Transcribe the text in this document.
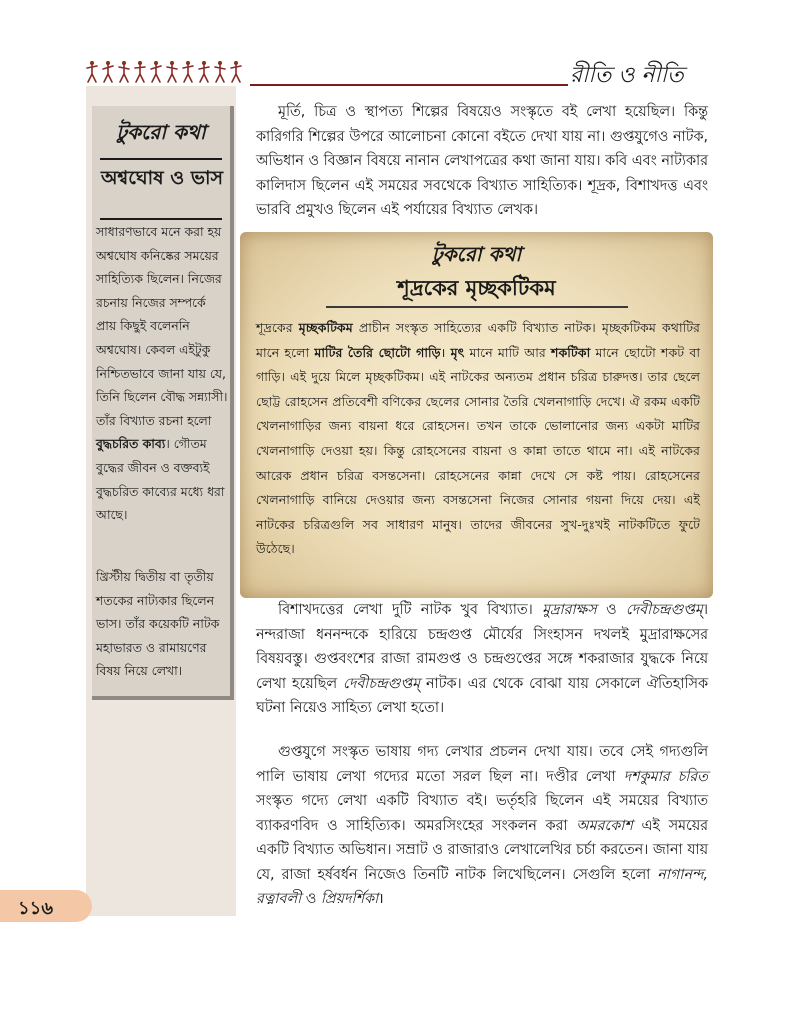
রীতি ও নীতি
টুকরো কথা
অশ্বঘোষ ও ভাস
সাধারণভাবে মনে করা হয় অশ্বঘোষ কনিষ্কের সময়ের সাহিত্যিক ছিলেন। নিজের রচনায় নিজের সম্পর্কে প্রায় কিছুই বলেননি অশ্বঘোষ। কেবল এইটুকু নিশ্চিতভাবে জানা যায় যে, তিনি ছিলেন বৌদ্ধ সন্ন্যাসী। তাঁর বিখ্যাত রচনা হলো বুদ্ধচরিত কাব্য। গৌতম বুদ্ধের জীবন ও বক্তব্যই বুদ্ধচরিত কাব্যের মধ্যে ধরা আছে।
খ্রিস্টীয় দ্বিতীয় বা তৃতীয় শতকের নাট্যকার ছিলেন ভাস। তাঁর কয়েকটি নাটক মহাভারত ও রামায়ণের বিষয় নিয়ে লেখা।
মূর্তি, চিত্র ও স্থাপত্য শিল্পের বিষয়েও সংস্কৃতে বই লেখা হয়েছিল। কিন্তু কারিগরি শিল্পের উপরে আলোচনা কোনো বইতে দেখা যায় না। গুপ্তযুগেও নাটক, অভিধান ও বিজ্ঞান বিষয়ে নানান লেখাপত্রের কথা জানা যায়। কবি এবং নাট্যকার কালিদাস ছিলেন এই সময়ের সবথেকে বিখ্যাত সাহিত্যিক। শূদ্রক, বিশাখদত্ত এবং ভারবি প্রমুখও ছিলেন এই পর্যায়ের বিখ্যাত লেখক।
টুকরো কথা
শূদ্রকের মৃচ্ছকটিকম
শূদ্রকের মৃচ্ছকটিকম প্রাচীন সংস্কৃত সাহিত্যের একটি বিখ্যাত নাটক। মৃচ্ছকটিকম কথাটির মানে হলো মাটির তৈরি ছোটো গাড়ি। মৃৎ মানে মাটি আর শকটিকা মানে ছোটো শকট বা গাড়ি। এই দুয়ে মিলে মৃচ্ছকটিকম। এই নাটকের অন্যতম প্রধান চরিত্র চারুদত্ত। তার ছেলে ছোট্ট রোহসেন প্রতিবেশী বণিকের ছেলের সোনার তৈরি খেলনাগাড়ি দেখে। ঐ রকম একটি খেলনাগাড়ির জন্য বায়না ধরে রোহসেন। তখন তাকে ভোলানোর জন্য একটা মাটির খেলনাগাড়ি দেওয়া হয়। কিন্তু রোহসেনের বায়না ও কান্না তাতে থামে না। এই নাটকের আরেক প্রধান চরিত্র বসন্তসেনা। রোহসেনের কান্না দেখে সে কষ্ট পায়। রোহসেনের খেলনাগাড়ি বানিয়ে দেওয়ার জন্য বসন্তসেনা নিজের সোনার গয়না দিয়ে দেয়। এই নাটকের চরিত্রগুলি সব সাধারণ মানুষ। তাদের জীবনের সুখ-দুঃখই নাটকটিতে ফুটে উঠেছে।
বিশাখদত্তের লেখা দুটি নাটক খুব বিখ্যাত। মুদ্রারাক্ষস ও দেবীচন্দ্রগুপ্তম্। নন্দরাজা ধননন্দকে হারিয়ে চন্দ্রগুপ্ত মৌর্যের সিংহাসন দখলই মুদ্রারাক্ষসের বিষয়বস্তু। গুপ্তবংশের রাজা রামগুপ্ত ও চন্দ্রগুপ্তের সঙ্গে শকরাজার যুদ্ধকে নিয়ে লেখা হয়েছিল দেবীচন্দ্রগুপ্তম্ নাটক। এর থেকে বোঝা যায় সেকালে ঐতিহাসিক ঘটনা নিয়েও সাহিত্য লেখা হতো।
গুপ্তযুগে সংস্কৃত ভাষায় গদ্য লেখার প্রচলন দেখা যায়। তবে সেই গদ্যগুলি পালি ভাষায় লেখা গদ্যের মতো সরল ছিল না। দণ্ডীর লেখা দশকুমার চরিত সংস্কৃত গদ্যে লেখা একটি বিখ্যাত বই। ভর্তৃহরি ছিলেন এই সময়ের বিখ্যাত ব্যাকরণবিদ ও সাহিত্যিক। অমরসিংহের সংকলন করা অমরকোশ এই সময়ের একটি বিখ্যাত অভিধান। সম্রাট ও রাজারাও লেখালেখির চর্চা করতেন। জানা যায় যে, রাজা হর্ষবর্ধন নিজেও তিনটি নাটক লিখেছিলেন। সেগুলি হলো নাগানন্দ, রত্নাবলী ও প্রিয়দর্শিকা।
১১৬
